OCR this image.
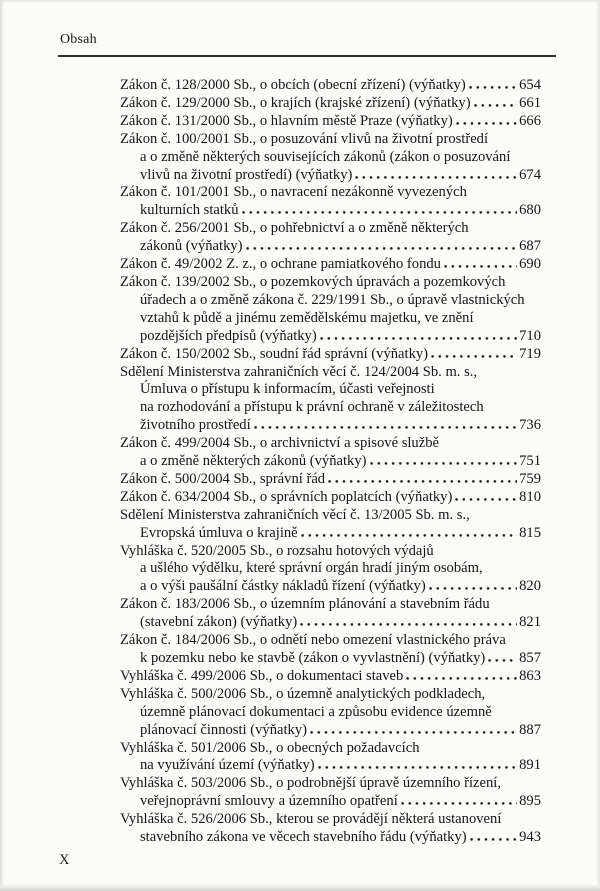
Obsah
Zákon č. 128/2000 Sb., o obcích (obecní zřízení) (výňatky)	654
Zákon č. 129/2000 Sb., o krajích (krajské zřízení) (výňatky)	661
Zákon č. 131/2000 Sb., o hlavním městě Praze (výňatky)	666
Zákon č. 100/2001 Sb., o posuzování vlivů na životní prostředí
a o změně některých souvisejících zákonů (zákon o posuzování
vlivů na životní prostředí) (výňatky)	674
Zákon č. 101/2001 Sb., o navracení nezákonně vyvezených
kulturních statků	680
Zákon č. 256/2001 Sb., o pohřebnictví a o změně některých
zákonů (výňatky)	687
Zákon č. 49/2002 Z. z., o ochrane pamiatkového fondu	690
Zákon č. 139/2002 Sb., o pozemkových úpravách a pozemkových
úřadech a o změně zákona č. 229/1991 Sb., o úpravě vlastnických
vztahů k půdě a jinému zemědělskému majetku, ve znění
pozdějších předpisů (výňatky)	710
Zákon č. 150/2002 Sb., soudní řád správní (výňatky)	719
Sdělení Ministerstva zahraničních věcí č. 124/2004 Sb. m. s.,
Úmluva o přístupu k informacím, účasti veřejnosti
na rozhodování a přístupu k právní ochraně v záležitostech
životního prostředí	736
Zákon č. 499/2004 Sb., o archivnictví a spisové službě
a o změně některých zákonů (výňatky)	751
Zákon č. 500/2004 Sb., správní řád	759
Zákon č. 634/2004 Sb., o správních poplatcích (výňatky)	810
Sdělení Ministerstva zahraničních věcí č. 13/2005 Sb. m. s.,
Evropská úmluva o krajině	815
Vyhláška č. 520/2005 Sb., o rozsahu hotových výdajů
a ušlého výdělku, které správní orgán hradí jiným osobám,
a o výši paušální částky nákladů řízení (výňatky)	820
Zákon č. 183/2006 Sb., o územním plánování a stavebním řádu
(stavební zákon) (výňatky)	821
Zákon č. 184/2006 Sb., o odnětí nebo omezení vlastnického práva
k pozemku nebo ke stavbě (zákon o vyvlastnění) (výňatky) 857
Vyhláška č. 499/2006 Sb., o dokumentaci staveb	863
Vyhláška č. 500/2006 Sb., o územně analytických podkladech,
územně plánovací dokumentaci a způsobu evidence územně
plánovací činnosti (výňatky)	887
Vyhláška č. 501/2006 Sb., o obecných požadavcích
na využívání území (výňatky)	891
Vyhláška č. 503/2006 Sb., o podrobnější úpravě územního řízení,
veřejnoprávní smlouvy a územního opatření	895
Vyhláška č. 526/2006 Sb., kterou se provádějí některá ustanovení
stavebního zákona ve věcech stavebního řádu (výňatky)	943
X
